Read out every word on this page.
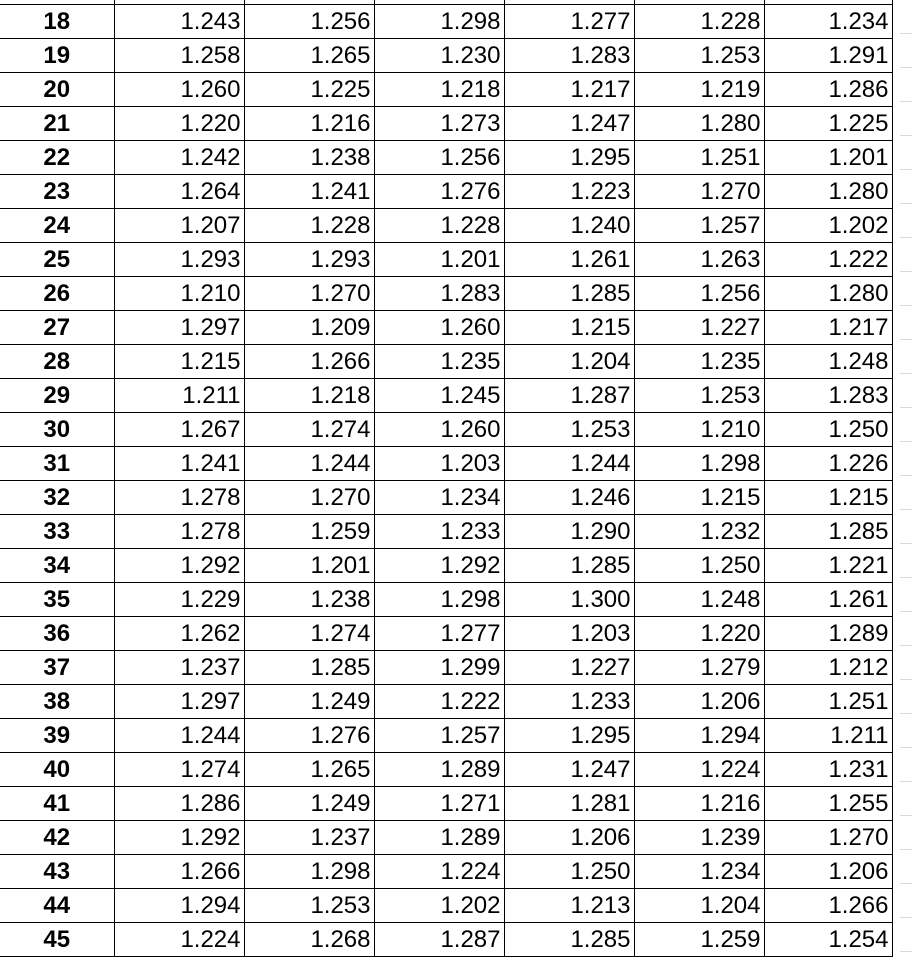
18	1.243	1.256	1.298	1.277	1.228	1.234
19	1.258	1.265	1.230	1.283	1.253	1.291
20	1.260	1.225	1.218	1.217	1.219	1.286
21	1.220	1.216	1.273	1.247	1.280	1.225
22	1.242	1.238	1.256	1.295	1.251	1.201
23	1.264	1.241	1.276	1.223	1.270	1.280
24	1.207	1.228	1.228	1.240	1.257	1.202
25	1.293	1.293	1.201	1.261	1.263	1.222
26	1.210	1.270	1.283	1.285	1.256	1.280
27	1.297	1.209	1.260	1.215	1.227	1.217
28	1.215	1.266	1.235	1.204	1.235	1.248
29	1.211	1.218	1.245	1.287	1.253	1.283
30	1.267	1.274	1.260	1.253	1.210	1.250
31	1.241	1.244	1.203	1.244	1.298	1.226
32	1.278	1.270	1.234	1.246	1.215	1.215
33	1.278	1.259	1.233	1.290	1.232	1.285
34	1.292	1.201	1.292	1.285	1.250	1.221
35	1.229	1.238	1.298	1.300	1.248	1.261
36	1.262	1.274	1.277	1.203	1.220	1.289
37	1.237	1.285	1.299	1.227	1.279	1.212
38	1.297	1.249	1.222	1.233	1.206	1.251
39	1.244	1.276	1.257	1.295	1.294	1.211
40	1.274	1.265	1.289	1.247	1.224	1.231
41	1.286	1.249	1.271	1.281	1.216	1.255
42	1.292	1.237	1.289	1.206	1.239	1.270
43	1.266	1.298	1.224	1.250	1.234	1.206
44	1.294	1.253	1.202	1.213	1.204	1.266
45	1.224	1.268	1.287	1.285	1.259	1.254
